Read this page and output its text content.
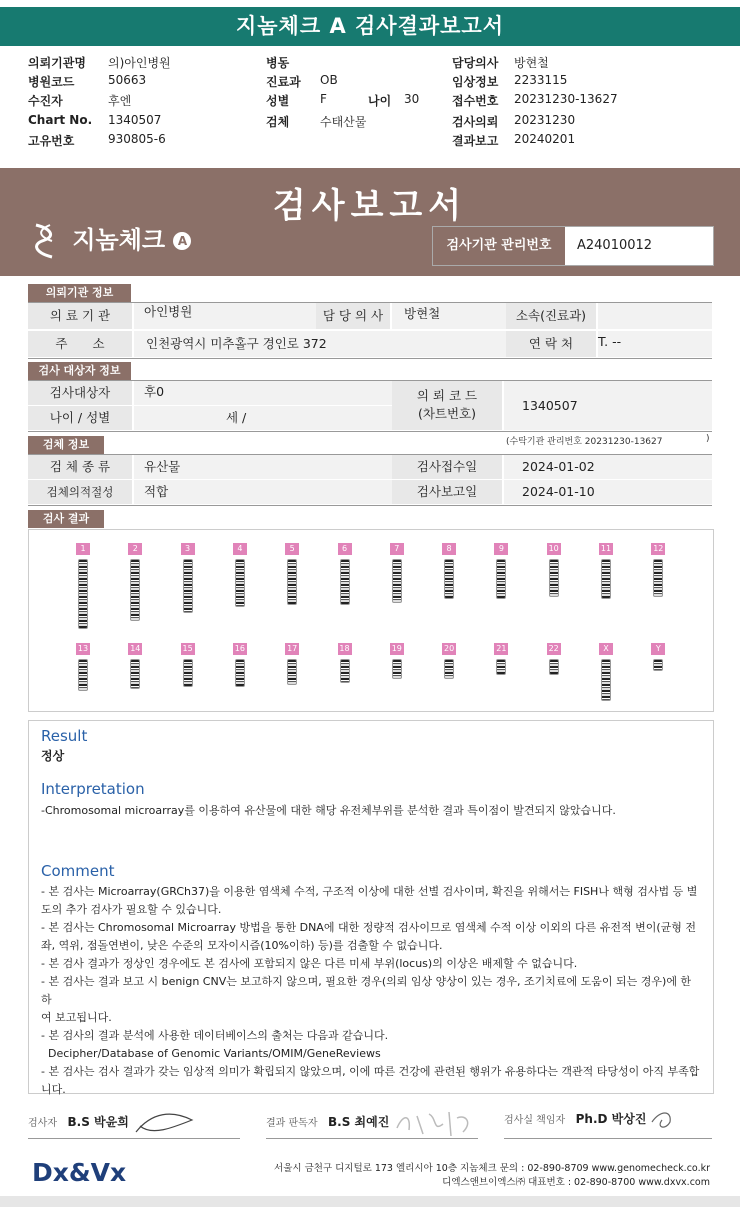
지놈체크 A 검사결과보고서
의뢰기관명 의)아인병원	병동	담당의사 방현철
병원코드	50663	진료과 OB	임상정보 2233115
수진자	후엔	성별	F	나이 30	접수번호 20231230-13627
Chart No. 1340507	검체	수태산물	검사의뢰 20231230
고유번호	930805-6	결과보고 20240201
검사보고서
지놈체크 A	검사기관 관리번호	A24010012
의뢰기관 정보
의 료 기 관	아인병원	담 당 의 사	방현철	소속(진료과)
주　　소	인천광역시 미추홀구 경인로 372	연 락 처	T. --
검사 대상자 정보
검사대상자	후0
나이 / 성별	세 /
의 뢰 코 드
(차트번호)
1340507
검체 정보	(수탁기관 관리번호 20231230-13627	)
검 체 종 류	유산물	검사접수일	2024-01-02
검체의적절성	적합	검사보고일	2024-01-10
검사 결과
1	2	3	4	5	6	7	8	9	10	11	12
13	14	15	16	17	18	19	20	21	22	X	Y
Result
정상
Interpretation
-Chromosomal microarray를 이용하여 유산물에 대한 해당 유전체부위를 분석한 결과 특이점이 발견되지 않았습니다.
Comment
- 본 검사는 Microarray(GRCh37)을 이용한 염색체 수적, 구조적 이상에 대한 선별 검사이며, 확진을 위해서는 FISH나 핵형 검사법 등 별
도의 추가 검사가 필요할 수 있습니다.
- 본 검사는 Chromosomal Microarray 방법을 통한 DNA에 대한 정량적 검사이므로 염색체 수적 이상 이외의 다른 유전적 변이(균형 전
좌, 역위, 점돌연변이, 낮은 수준의 모자이시즘(10%이하) 등)를 검출할 수 없습니다.
- 본 검사 결과가 정상인 경우에도 본 검사에 포함되지 않은 다른 미세 부위(locus)의 이상은 배제할 수 없습니다.
- 본 검사는 결과 보고 시 benign CNV는 보고하지 않으며, 필요한 경우(의뢰 임상 양상이 있는 경우, 조기치료에 도움이 되는 경우)에 한하
여 보고됩니다.
- 본 검사의 결과 분석에 사용한 데이터베이스의 출처는 다음과 같습니다.
Decipher/Database of Genomic Variants/OMIM/GeneReviews
- 본 검사는 검사 결과가 갖는 임상적 의미가 확립되지 않았으며, 이에 따른 건강에 관련된 행위가 유용하다는 객관적 타당성이 아직 부족합
니다.
검사자 B.S 박윤희	결과 판독자 B.S 최예진	검사실 책임자 Ph.D 박상진
Dx&Vx	서울시 금천구 디지털로 173 엘리시아 10층 지놈체크 문의 : 02-890-8709 www.genomecheck.co.kr
디엑스앤브이엑스㈜ 대표번호 : 02-890-8700 www.dxvx.com
